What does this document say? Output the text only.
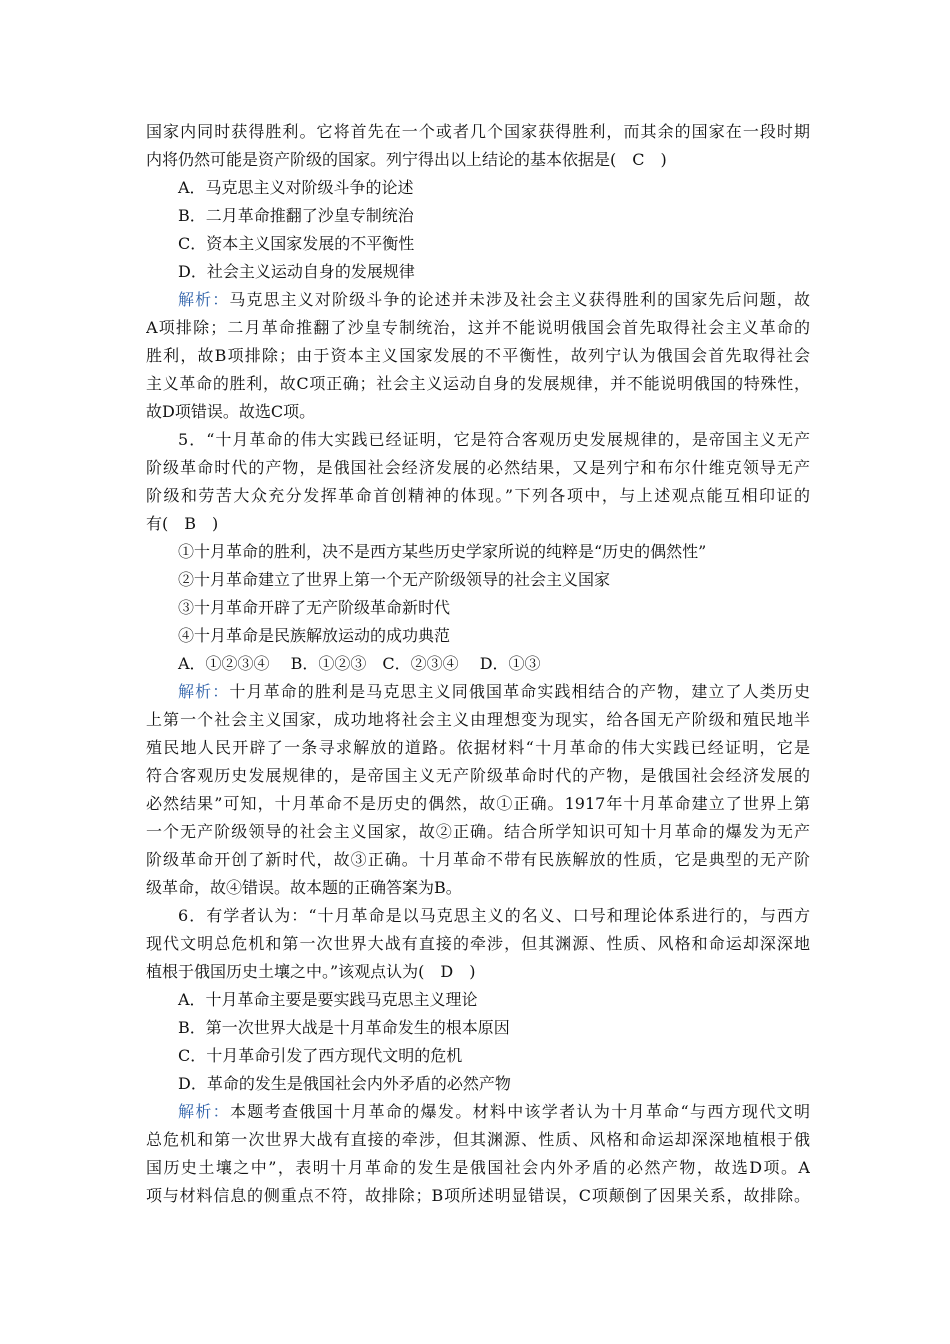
国家内同时获得胜利。它将首先在一个或者几个国家获得胜利，而其余的国家在一段时期
内将仍然可能是资产阶级的国家。列宁得出以上结论的基本依据是(　C　)
A．马克思主义对阶级斗争的论述
B．二月革命推翻了沙皇专制统治
C．资本主义国家发展的不平衡性
D．社会主义运动自身的发展规律
解析：马克思主义对阶级斗争的论述并未涉及社会主义获得胜利的国家先后问题，故
A项排除；二月革命推翻了沙皇专制统治，这并不能说明俄国会首先取得社会主义革命的
胜利，故B项排除；由于资本主义国家发展的不平衡性，故列宁认为俄国会首先取得社会
主义革命的胜利，故C项正确；社会主义运动自身的发展规律，并不能说明俄国的特殊性，
故D项错误。故选C项。
5．“十月革命的伟大实践已经证明，它是符合客观历史发展规律的，是帝国主义无产
阶级革命时代的产物，是俄国社会经济发展的必然结果，又是列宁和布尔什维克领导无产
阶级和劳苦大众充分发挥革命首创精神的体现。”下列各项中，与上述观点能互相印证的
有(　B　)
①十月革命的胜利，决不是西方某些历史学家所说的纯粹是“历史的偶然性”
②十月革命建立了世界上第一个无产阶级领导的社会主义国家
③十月革命开辟了无产阶级革命新时代
④十月革命是民族解放运动的成功典范
A．①②③④　 B．①②③　C．②③④　 D．①③
解析：十月革命的胜利是马克思主义同俄国革命实践相结合的产物，建立了人类历史
上第一个社会主义国家，成功地将社会主义由理想变为现实，给各国无产阶级和殖民地半
殖民地人民开辟了一条寻求解放的道路。依据材料“十月革命的伟大实践已经证明，它是
符合客观历史发展规律的，是帝国主义无产阶级革命时代的产物，是俄国社会经济发展的
必然结果”可知，十月革命不是历史的偶然，故①正确。1917年十月革命建立了世界上第
一个无产阶级领导的社会主义国家，故②正确。结合所学知识可知十月革命的爆发为无产
阶级革命开创了新时代，故③正确。十月革命不带有民族解放的性质，它是典型的无产阶
级革命，故④错误。故本题的正确答案为B。
6．有学者认为：“十月革命是以马克思主义的名义、口号和理论体系进行的，与西方
现代文明总危机和第一次世界大战有直接的牵涉，但其渊源、性质、风格和命运却深深地
植根于俄国历史土壤之中。”该观点认为(　D　)
A．十月革命主要是要实践马克思主义理论
B．第一次世界大战是十月革命发生的根本原因
C．十月革命引发了西方现代文明的危机
D．革命的发生是俄国社会内外矛盾的必然产物
解析：本题考查俄国十月革命的爆发。材料中该学者认为十月革命“与西方现代文明
总危机和第一次世界大战有直接的牵涉，但其渊源、性质、风格和命运却深深地植根于俄
国历史土壤之中”，表明十月革命的发生是俄国社会内外矛盾的必然产物，故选D项。A
项与材料信息的侧重点不符，故排除；B项所述明显错误，C项颠倒了因果关系，故排除。
